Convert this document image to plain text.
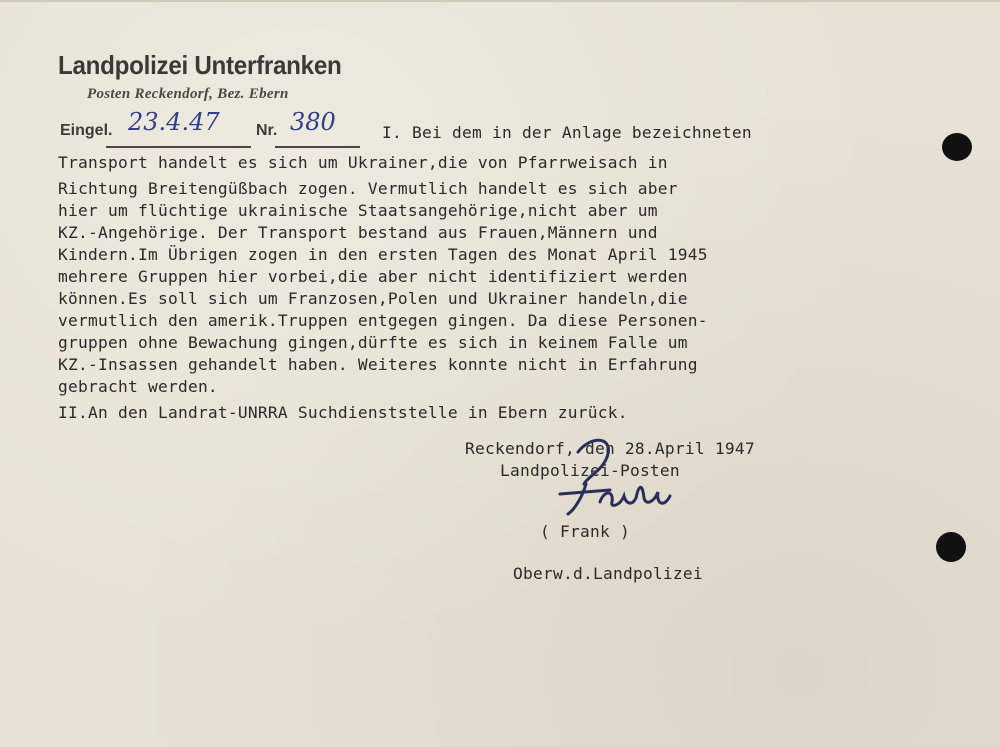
Landpolizei Unterfranken
Posten Reckendorf, Bez. Ebern
Eingel. 23.4.47 Nr. 380	I. Bei dem in der Anlage bezeichneten
Transport handelt es sich um Ukrainer,die von Pfarrweisach in
Richtung Breitengüßbach zogen. Vermutlich handelt es sich aber
hier um flüchtige ukrainische Staatsangehörige,nicht aber um
KZ.-Angehörige. Der Transport bestand aus Frauen,Männern und
Kindern.Im Übrigen zogen in den ersten Tagen des Monat April 1945
mehrere Gruppen hier vorbei,die aber nicht identifiziert werden
können.Es soll sich um Franzosen,Polen und Ukrainer handeln,die
vermutlich den amerik.Truppen entgegen gingen. Da diese Personen-
gruppen ohne Bewachung gingen,dürfte es sich in keinem Falle um
KZ.-Insassen gehandelt haben. Weiteres konnte nicht in Erfahrung
gebracht werden.
II.An den Landrat-UNRRA Suchdienststelle in Ebern zurück.
Reckendorf, den 28.April 1947
Landpolizei-Posten
( Frank )
Oberw.d.Landpolizei
